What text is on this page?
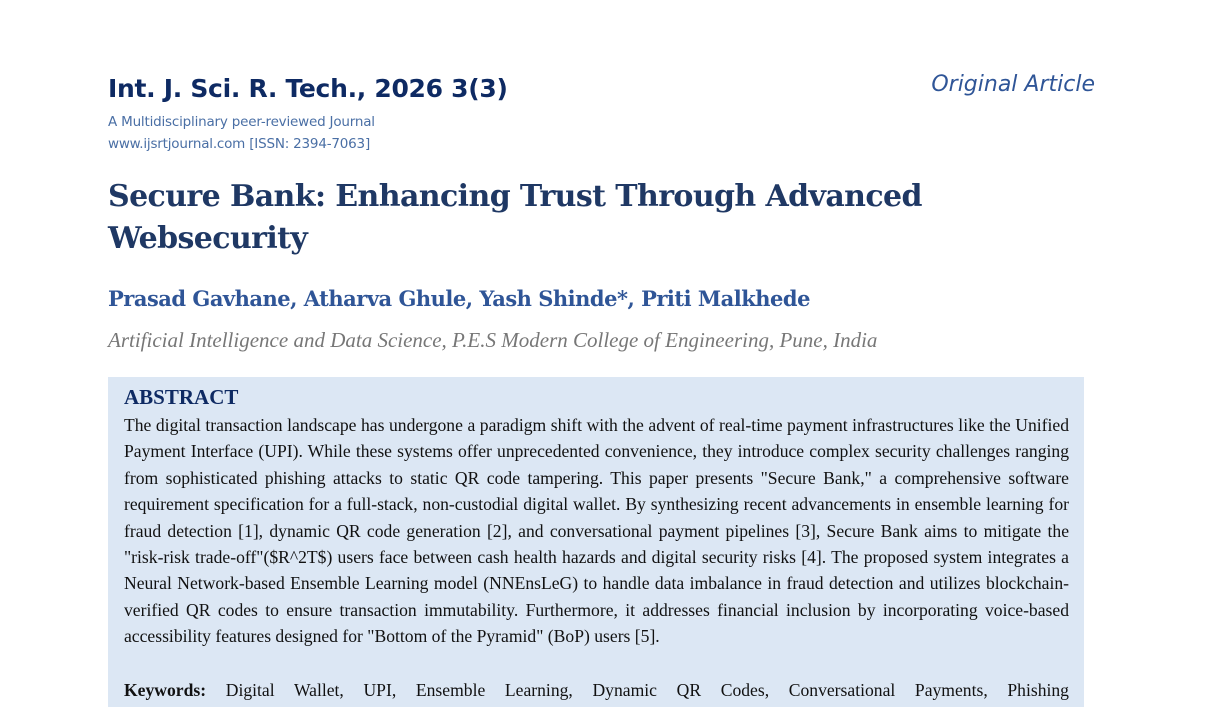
Int. J. Sci. R. Tech., 2026 3(3)
A Multidisciplinary peer-reviewed Journal
www.ijsrtjournal.com [ISSN: 2394-7063]
Original Article
Secure Bank: Enhancing Trust Through Advanced Websecurity
Prasad Gavhane, Atharva Ghule, Yash Shinde*, Priti Malkhede
Artificial Intelligence and Data Science, P.E.S Modern College of Engineering, Pune, India
ABSTRACT
The digital transaction landscape has undergone a paradigm shift with the advent of real-time payment infrastructures like the Unified Payment Interface (UPI). While these systems offer unprecedented convenience, they introduce complex security challenges ranging from sophisticated phishing attacks to static QR code tampering. This paper presents "Secure Bank," a comprehensive software requirement specification for a full-stack, non-custodial digital wallet. By synthesizing recent advancements in ensemble learning for fraud detection [1], dynamic QR code generation [2], and conversational payment pipelines [3], Secure Bank aims to mitigate the "risk-risk trade-off"($R^2T$) users face between cash health hazards and digital security risks [4]. The proposed system integrates a Neural Network-based Ensemble Learning model (NNEnsLeG) to handle data imbalance in fraud detection and utilizes blockchain- verified QR codes to ensure transaction immutability. Furthermore, it addresses financial inclusion by incorporating voice-based accessibility features designed for "Bottom of the Pyramid" (BoP) users [5].
Keywords: Digital Wallet, UPI, Ensemble Learning, Dynamic QR Codes, Conversational Payments, Phishing
